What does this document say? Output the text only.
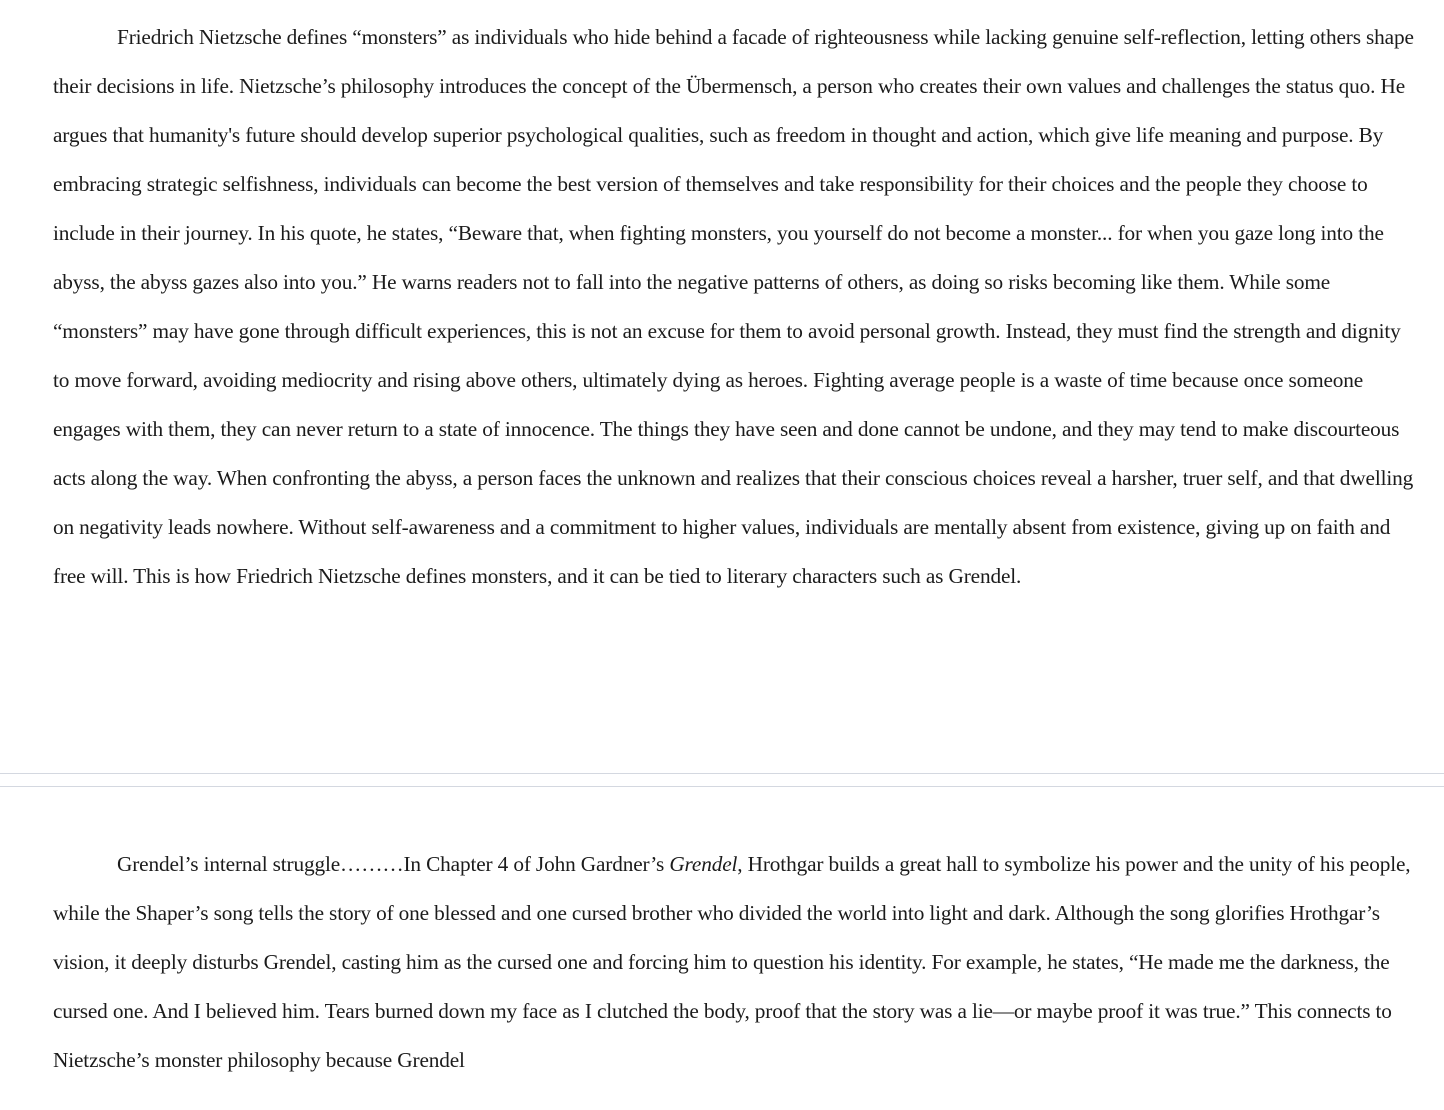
Friedrich Nietzsche defines “monsters” as individuals who hide behind a facade of righteousness while lacking genuine self-reflection, letting others shape their decisions in life. Nietzsche’s philosophy introduces the concept of the Übermensch, a person who creates their own values and challenges the status quo. He argues that humanity's future should develop superior psychological qualities, such as freedom in thought and action, which give life meaning and purpose. By embracing strategic selfishness, individuals can become the best version of themselves and take responsibility for their choices and the people they choose to include in their journey. In his quote, he states, “Beware that, when fighting monsters, you yourself do not become a monster... for when you gaze long into the abyss, the abyss gazes also into you.” He warns readers not to fall into the negative patterns of others, as doing so risks becoming like them. While some “monsters” may have gone through difficult experiences, this is not an excuse for them to avoid personal growth. Instead, they must find the strength and dignity to move forward, avoiding mediocrity and rising above others, ultimately dying as heroes. Fighting average people is a waste of time because once someone engages with them, they can never return to a state of innocence. The things they have seen and done cannot be undone, and they may tend to make discourteous acts along the way. When confronting the abyss, a person faces the unknown and realizes that their conscious choices reveal a harsher, truer self, and that dwelling on negativity leads nowhere. Without self-awareness and a commitment to higher values, individuals are mentally absent from existence, giving up on faith and free will. This is how Friedrich Nietzsche defines monsters, and it can be tied to literary characters such as Grendel.

Grendel’s internal struggle………In Chapter 4 of John Gardner’s Grendel, Hrothgar builds a great hall to symbolize his power and the unity of his people, while the Shaper’s song tells the story of one blessed and one cursed brother who divided the world into light and dark. Although the song glorifies Hrothgar’s vision, it deeply disturbs Grendel, casting him as the cursed one and forcing him to question his identity. For example, he states, “He made me the darkness, the cursed one. And I believed him. Tears burned down my face as I clutched the body, proof that the story was a lie—or maybe proof it was true.” This connects to Nietzsche’s monster philosophy because Grendel
